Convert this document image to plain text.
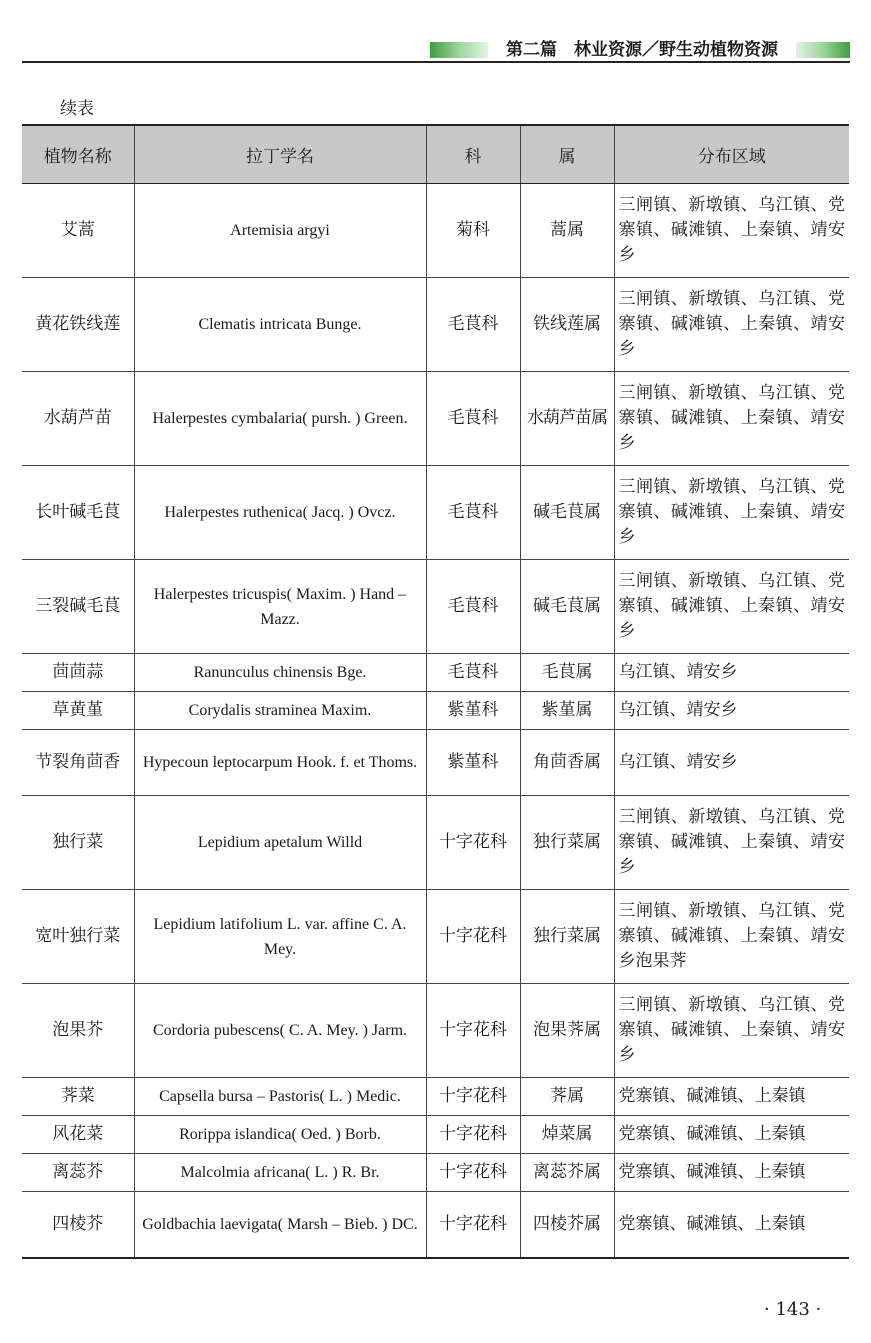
第二篇　林业资源／野生动植物资源
续表
植物名称	拉丁学名	科	属	分布区域
艾蒿	Artemisia argyi	菊科	蒿属	三闸镇、新墩镇、乌江镇、党寨镇、碱滩镇、上秦镇、靖安乡
黄花铁线莲	Clematis intricata Bunge.	毛茛科	铁线莲属	三闸镇、新墩镇、乌江镇、党寨镇、碱滩镇、上秦镇、靖安乡
水葫芦苗	Halerpestes cymbalaria( pursh. ) Green.	毛茛科	水葫芦苗属	三闸镇、新墩镇、乌江镇、党寨镇、碱滩镇、上秦镇、靖安乡
长叶碱毛茛	Halerpestes ruthenica( Jacq. ) Ovcz.	毛茛科	碱毛茛属	三闸镇、新墩镇、乌江镇、党寨镇、碱滩镇、上秦镇、靖安乡
三裂碱毛茛	Halerpestes tricuspis( Maxim. ) Hand – Mazz.	毛茛科	碱毛茛属	三闸镇、新墩镇、乌江镇、党寨镇、碱滩镇、上秦镇、靖安乡
茴茴蒜	Ranunculus chinensis Bge.	毛茛科	毛茛属	乌江镇、靖安乡
草黄堇	Corydalis straminea Maxim.	紫堇科	紫堇属	乌江镇、靖安乡
节裂角茴香	Hypecoun leptocarpum Hook. f. et Thoms.	紫堇科	角茴香属	乌江镇、靖安乡
独行菜	Lepidium apetalum Willd	十字花科	独行菜属	三闸镇、新墩镇、乌江镇、党寨镇、碱滩镇、上秦镇、靖安乡
宽叶独行菜	Lepidium latifolium L. var. affine C. A. Mey.	十字花科	独行菜属	三闸镇、新墩镇、乌江镇、党寨镇、碱滩镇、上秦镇、靖安乡泡果荠
泡果芥	Cordoria pubescens( C. A. Mey. ) Jarm.	十字花科	泡果荠属	三闸镇、新墩镇、乌江镇、党寨镇、碱滩镇、上秦镇、靖安乡
荠菜	Capsella bursa – Pastoris( L. ) Medic.	十字花科	荠属	党寨镇、碱滩镇、上秦镇
风花菜	Rorippa islandica( Oed. ) Borb.	十字花科	焯菜属	党寨镇、碱滩镇、上秦镇
离蕊芥	Malcolmia africana( L. ) R. Br.	十字花科	离蕊芥属	党寨镇、碱滩镇、上秦镇
四棱芥	Goldbachia laevigata( Marsh – Bieb. ) DC.	十字花科	四棱芥属	党寨镇、碱滩镇、上秦镇
· 143 ·
